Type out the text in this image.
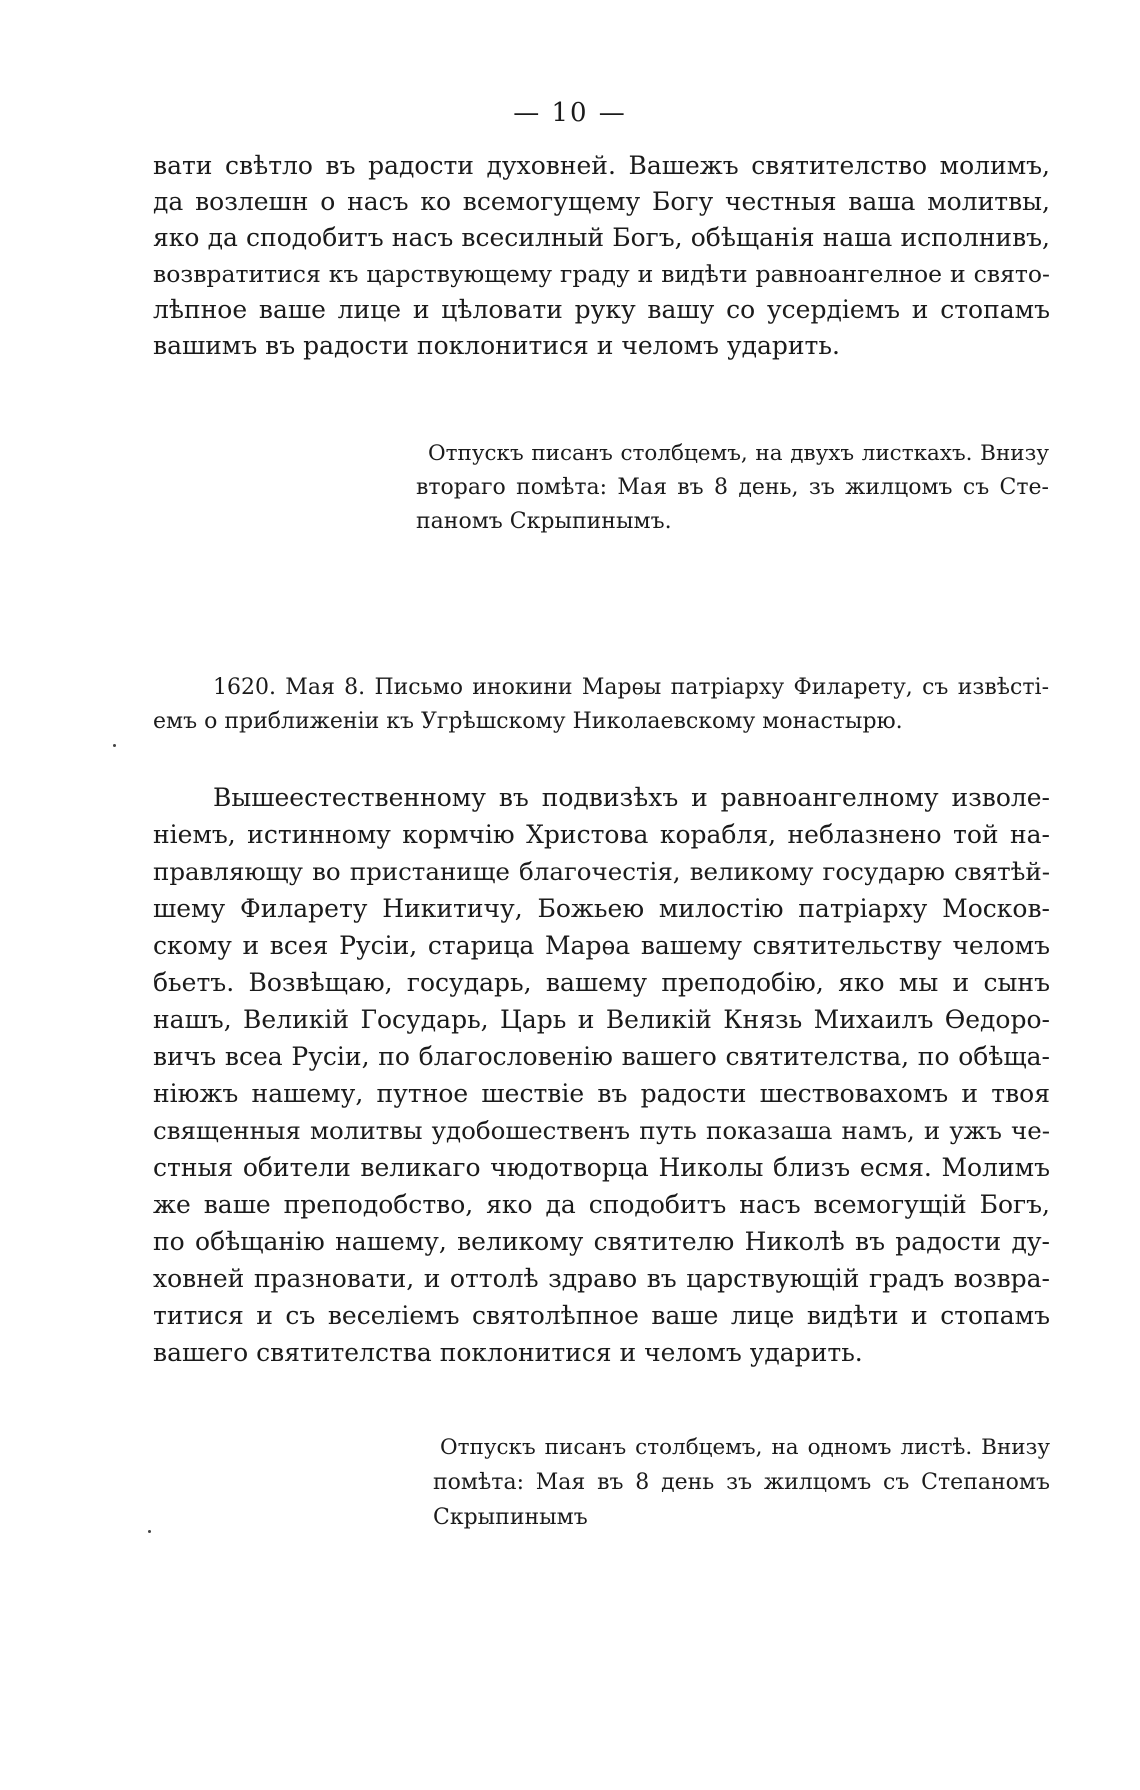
— 10 —
вати свѣтло въ радости духовней. Вашежъ святителство молимъ,
да возлешн о насъ ко всемогущему Богу честныя ваша молитвы,
яко да сподобитъ насъ всесилный Богъ, обѣщанія наша исполнивъ,
возвратитися къ царствующему граду и видѣти равноангелное и свято-
лѣпное ваше лице и цѣловати руку вашу со усердіемъ и стопамъ
вашимъ въ радости поклонитися и челомъ ударить.
Отпускъ писанъ столбцемъ, на двухъ листкахъ. Внизу
втораго помѣта: Мая въ 8 день, зъ жилцомъ съ Сте-
паномъ Скрыпинымъ.
1620. Мая 8. Письмо инокини Марѳы патріарху Филарету, съ извѣсті-
емъ о приближеніи къ Угрѣшскому Николаевскому монастырю.
Вышеестественному въ подвизѣхъ и равноангелному изволе-
ніемъ, истинному кормчію Христова корабля, неблазнено той на-
правляющу во пристанище благочестія, великому государю святѣй-
шему Филарету Никитичу, Божьею милостію патріарху Москов-
скому и всея Русіи, старица Марѳа вашему святительству челомъ
бьетъ. Возвѣщаю, государь, вашему преподобію, яко мы и сынъ
нашъ, Великій Государь, Царь и Великій Князь Михаилъ Ѳедоро-
вичъ всеа Русіи, по благословенію вашего святителства, по обѣща-
ніюжъ нашему, путное шествіе въ радости шествовахомъ и твоя
священныя молитвы удобошественъ путь показаша намъ, и ужъ че-
стныя обители великаго чюдотворца Николы близъ есмя. Молимъ
же ваше преподобство, яко да сподобитъ насъ всемогущій Богъ,
по обѣщанію нашему, великому святителю Николѣ въ радости ду-
ховней празновати, и оттолѣ здраво въ царствующій градъ возвра-
титися и съ веселіемъ святолѣпное ваше лице видѣти и стопамъ
вашего святителства поклонитися и челомъ ударить.
Отпускъ писанъ столбцемъ, на одномъ листѣ. Внизу
помѣта: Мая въ 8 день зъ жилцомъ съ Степаномъ
Скрыпинымъ
